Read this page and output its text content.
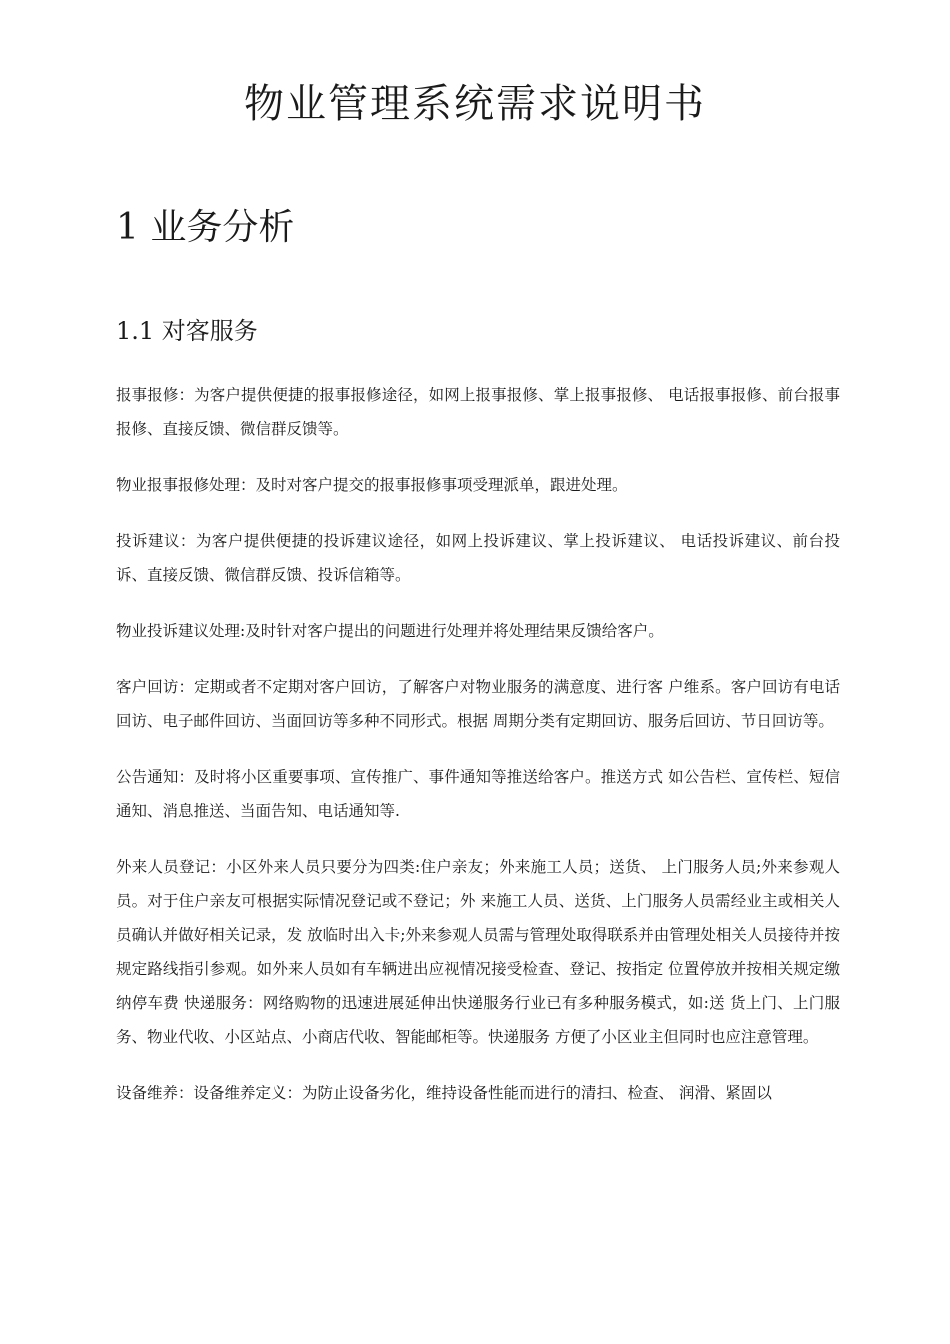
物业管理系统需求说明书
1 业务分析
1.1 对客服务

报事报修：为客户提供便捷的报事报修途径，如网上报事报修、掌上报事报修、 电话报事报修、前台报事报修、直接反馈、微信群反馈等。

物业报事报修处理：及时对客户提交的报事报修事项受理派单，跟进处理。

投诉建议：为客户提供便捷的投诉建议途径，如网上投诉建议、掌上投诉建议、 电话投诉建议、前台投诉、直接反馈、微信群反馈、投诉信箱等。

物业投诉建议处理:及时针对客户提出的问题进行处理并将处理结果反馈给客户。

客户回访：定期或者不定期对客户回访，了解客户对物业服务的满意度、进行客 户维系。客户回访有电话回访、电子邮件回访、当面回访等多种不同形式。根据 周期分类有定期回访、服务后回访、节日回访等。

公告通知：及时将小区重要事项、宣传推广、事件通知等推送给客户。推送方式 如公告栏、宣传栏、短信通知、消息推送、当面告知、电话通知等.

外来人员登记：小区外来人员只要分为四类:住户亲友；外来施工人员；送货、 上门服务人员;外来参观人员。对于住户亲友可根据实际情况登记或不登记；外 来施工人员、送货、上门服务人员需经业主或相关人员确认并做好相关记录，发 放临时出入卡;外来参观人员需与管理处取得联系并由管理处相关人员接待并按 规定路线指引参观。如外来人员如有车辆进出应视情况接受检查、登记、按指定 位置停放并按相关规定缴纳停车费 快递服务：网络购物的迅速进展延伸出快递服务行业已有多种服务模式，如:送 货上门、上门服务、物业代收、小区站点、小商店代收、智能邮柜等。快递服务 方便了小区业主但同时也应注意管理。

设备维养：设备维养定义：为防止设备劣化，维持设备性能而进行的清扫、检查、 润滑、紧固以
